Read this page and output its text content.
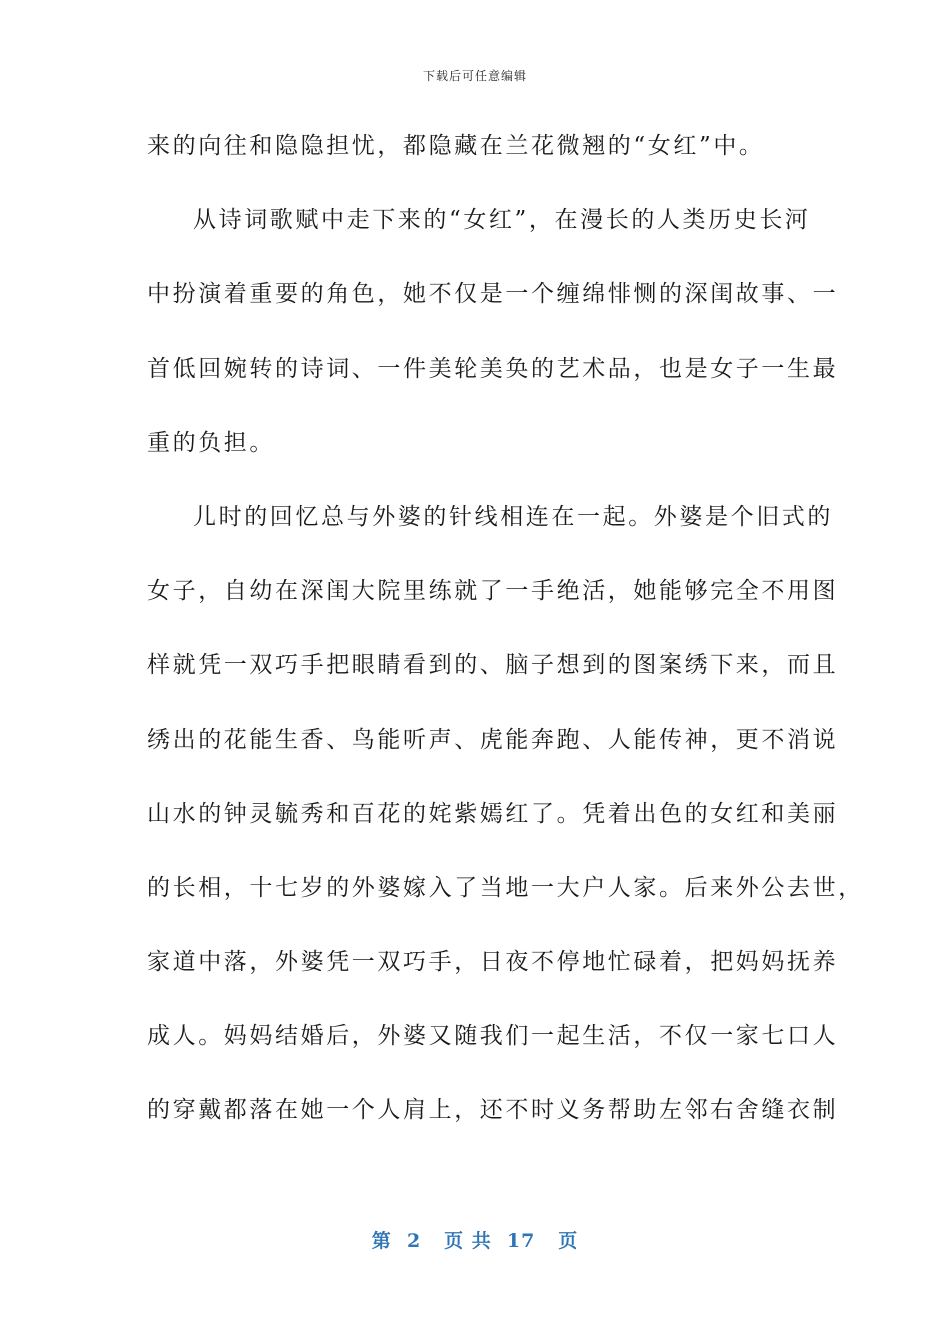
下载后可任意编辑
来的向往和隐隐担忧，都隐藏在兰花微翘的“女红”中。
从诗词歌赋中走下来的“女红”，在漫长的人类历史长河
中扮演着重要的角色，她不仅是一个缠绵悱恻的深闺故事、一
首低回婉转的诗词、一件美轮美奂的艺术品，也是女子一生最
重的负担。
儿时的回忆总与外婆的针线相连在一起。外婆是个旧式的
女子，自幼在深闺大院里练就了一手绝活，她能够完全不用图
样就凭一双巧手把眼睛看到的、脑子想到的图案绣下来，而且
绣出的花能生香、鸟能听声、虎能奔跑、人能传神，更不消说
山水的钟灵毓秀和百花的姹紫嫣红了。凭着出色的女红和美丽
的长相，十七岁的外婆嫁入了当地一大户人家。后来外公去世，
家道中落，外婆凭一双巧手，日夜不停地忙碌着，把妈妈抚养
成人。妈妈结婚后，外婆又随我们一起生活，不仅一家七口人
的穿戴都落在她一个人肩上，还不时义务帮助左邻右舍缝衣制
第  2   页 共  17   页
